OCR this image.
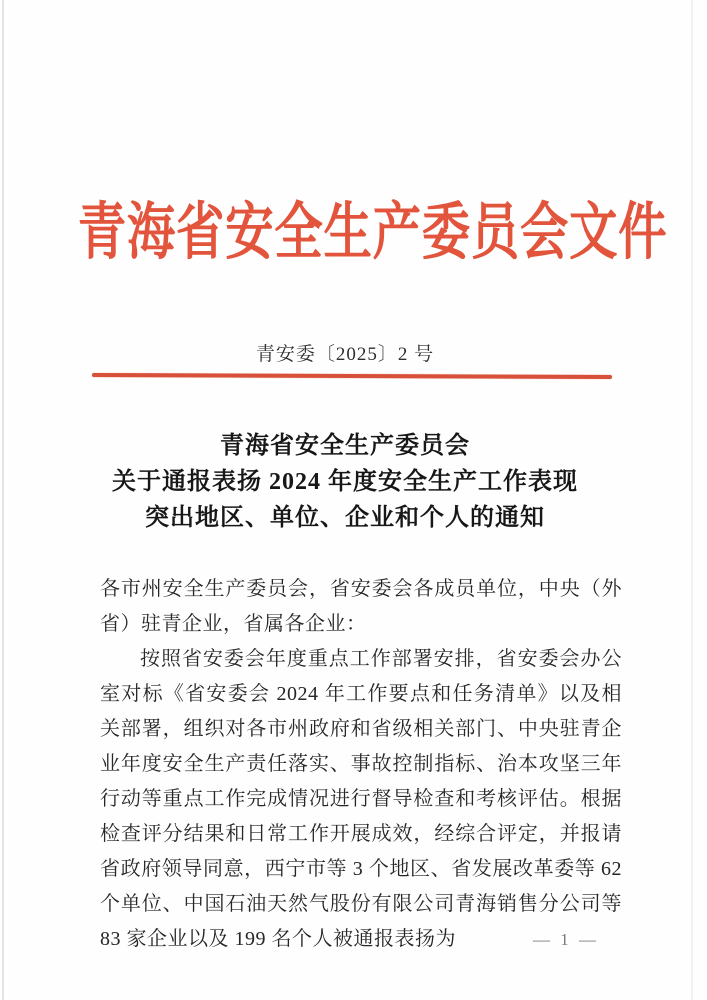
青海省安全生产委员会文件
青安委〔2025〕2 号
青海省安全生产委员会
关于通报表扬 2024 年度安全生产工作表现
突出地区、单位、企业和个人的通知

各市州安全生产委员会，省安委会各成员单位，中央（外省）驻青企业，省属各企业：

按照省安委会年度重点工作部署安排，省安委会办公室对标《省安委会 2024 年工作要点和任务清单》以及相关部署，组织对各市州政府和省级相关部门、中央驻青企业年度安全生产责任落实、事故控制指标、治本攻坚三年行动等重点工作完成情况进行督导检查和考核评估。根据检查评分结果和日常工作开展成效，经综合评定，并报请省政府领导同意，西宁市等 3 个地区、省发展改革委等 62 个单位、中国石油天然气股份有限公司青海销售分公司等 83 家企业以及 199 名个人被通报表扬为	— 1 —
